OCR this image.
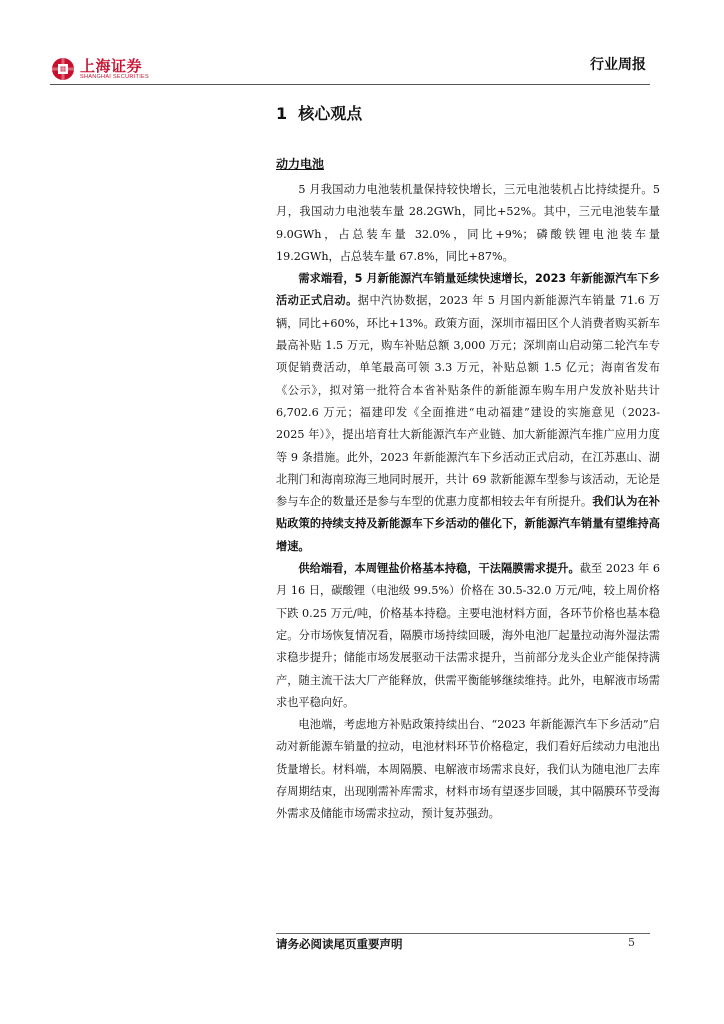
上海证券
SHANGHAI SECURITIES
行业周报
1 核心观点
动力电池

5 月我国动力电池装机量保持较快增长，三元电池装机占比持续提升。5 月，我国动力电池装车量 28.2GWh，同比+52%。其中，三元电池装车量 9.0GWh，占总装车量 32.0%，同比+9%；磷酸铁锂电池装车量 19.2GWh，占总装车量 67.8%，同比+87%。

需求端看，5 月新能源汽车销量延续快速增长，2023 年新能源汽车下乡活动正式启动。据中汽协数据，2023 年 5 月国内新能源汽车销量 71.6 万辆，同比+60%，环比+13%。政策方面，深圳市福田区个人消费者购买新车最高补贴 1.5 万元，购车补贴总额 3,000 万元；深圳南山启动第二轮汽车专项促销费活动，单笔最高可领 3.3 万元，补贴总额 1.5 亿元；海南省发布《公示》，拟对第一批符合本省补贴条件的新能源车购车用户发放补贴共计 6,702.6 万元；福建印发《全面推进“电动福建”建设的实施意见（2023-2025 年）》，提出培育壮大新能源汽车产业链、加大新能源汽车推广应用力度等 9 条措施。此外，2023 年新能源汽车下乡活动正式启动，在江苏惠山、湖北荆门和海南琼海三地同时展开，共计 69 款新能源车型参与该活动，无论是参与车企的数量还是参与车型的优惠力度都相较去年有所提升。我们认为在补贴政策的持续支持及新能源车下乡活动的催化下，新能源汽车销量有望维持高增速。

供给端看，本周锂盐价格基本持稳，干法隔膜需求提升。截至 2023 年 6 月 16 日，碳酸锂（电池级 99.5%）价格在 30.5-32.0 万元/吨，较上周价格下跌 0.25 万元/吨，价格基本持稳。主要电池材料方面，各环节价格也基本稳定。分市场恢复情况看，隔膜市场持续回暖，海外电池厂起量拉动海外湿法需求稳步提升；储能市场发展驱动干法需求提升，当前部分龙头企业产能保持满产，随主流干法大厂产能释放，供需平衡能够继续维持。此外，电解液市场需求也平稳向好。

电池端，考虑地方补贴政策持续出台、“2023 年新能源汽车下乡活动”启动对新能源车销量的拉动，电池材料环节价格稳定，我们看好后续动力电池出货量增长。材料端，本周隔膜、电解液市场需求良好，我们认为随电池厂去库存周期结束，出现刚需补库需求，材料市场有望逐步回暖，其中隔膜环节受海外需求及储能市场需求拉动，预计复苏强劲。

请务必阅读尾页重要声明	5
